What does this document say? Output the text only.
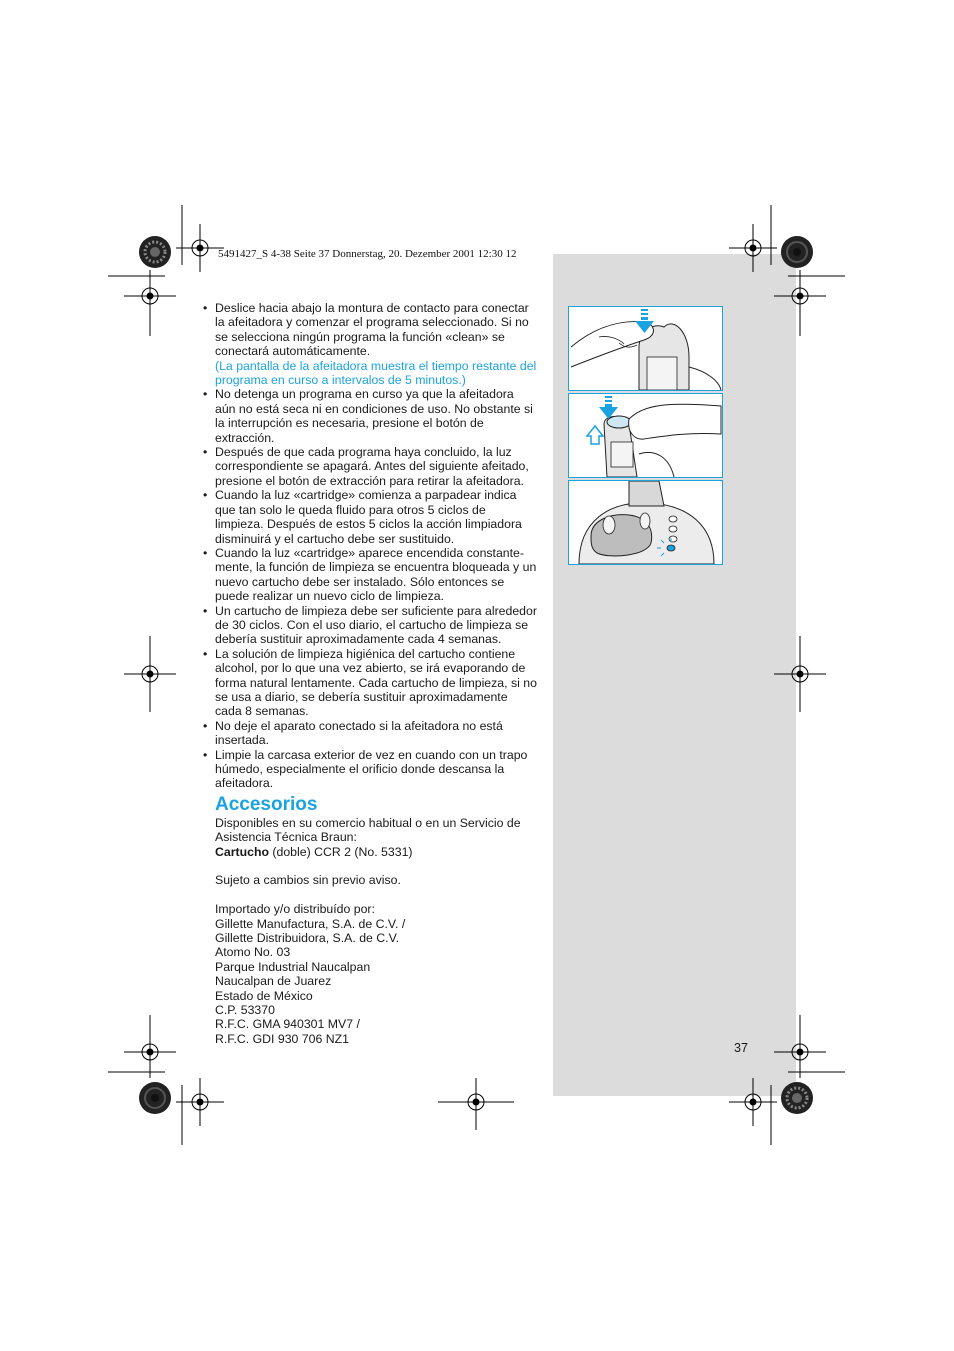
5491427_S 4-38 Seite 37 Donnerstag, 20. Dezember 2001 12:30 12
• Deslice hacia abajo la montura de contacto para conectar la afeitadora y comenzar el programa seleccionado. Si no se selecciona ningún programa la función «clean» se conectará automáticamente.
(La pantalla de la afeitadora muestra el tiempo restante del programa en curso a intervalos de 5 minutos.)
• No detenga un programa en curso ya que la afeitadora aún no está seca ni en condiciones de uso. No obstante si la interrupción es necesaria, presione el botón de extracción.
• Después de que cada programa haya concluido, la luz correspondiente se apagará. Antes del siguiente afeitado, presione el botón de extracción para retirar la afeitadora.
• Cuando la luz «cartridge» comienza a parpadear indica que tan solo le queda fluido para otros 5 ciclos de limpieza. Después de estos 5 ciclos la acción limpiadora disminuirá y el cartucho debe ser sustituido.
• Cuando la luz «cartridge» aparece encendida constante-mente, la función de limpieza se encuentra bloqueada y un nuevo cartucho debe ser instalado. Sólo entonces se puede realizar un nuevo ciclo de limpieza.
• Un cartucho de limpieza debe ser suficiente para alrededor de 30 ciclos. Con el uso diario, el cartucho de limpieza se debería sustituir aproximadamente cada 4 semanas.
• La solución de limpieza higiénica del cartucho contiene alcohol, por lo que una vez abierto, se irá evaporando de forma natural lentamente. Cada cartucho de limpieza, si no se usa a diario, se debería sustituir aproximadamente cada 8 semanas.
• No deje el aparato conectado si la afeitadora no está insertada.
• Limpie la carcasa exterior de vez en cuando con un trapo húmedo, especialmente el orificio donde descansa la afeitadora.
Accesorios

Disponibles en su comercio habitual o en un Servicio de Asistencia Técnica Braun:

Cartucho (doble) CCR 2 (No. 5331)

Sujeto a cambios sin previo aviso.

Importado y/o distribuído por:
Gillette Manufactura, S.A. de C.V. /
Gillette Distribuidora, S.A. de C.V.
Atomo No. 03
Parque Industrial Naucalpan
Naucalpan de Juarez
Estado de México
C.P. 53370
R.F.C. GMA 940301 MV7 /
R.F.C. GDI 930 706 NZ1
37
